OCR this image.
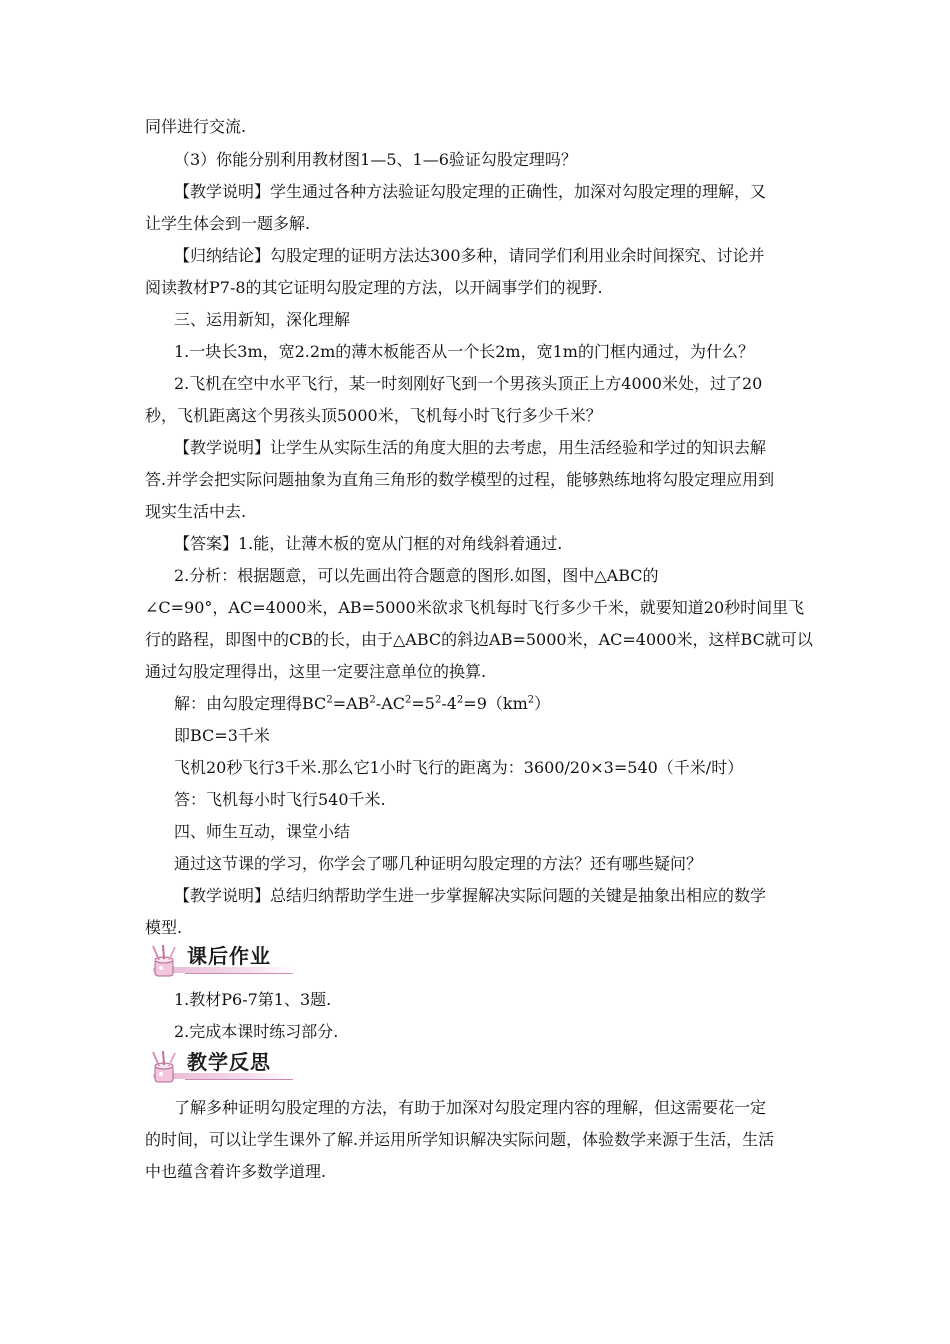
同伴进行交流.
（3）你能分别利用教材图1—5、1—6验证勾股定理吗？
【教学说明】学生通过各种方法验证勾股定理的正确性，加深对勾股定理的理解，又
让学生体会到一题多解.
【归纳结论】勾股定理的证明方法达300多种，请同学们利用业余时间探究、讨论并
阅读教材P7-8的其它证明勾股定理的方法，以开阔事学们的视野.
三、运用新知，深化理解
1.一块长3m，宽2.2m的薄木板能否从一个长2m，宽1m的门框内通过，为什么？
2.飞机在空中水平飞行，某一时刻刚好飞到一个男孩头顶正上方4000米处，过了20
秒，飞机距离这个男孩头顶5000米，飞机每小时飞行多少千米？
【教学说明】让学生从实际生活的角度大胆的去考虑，用生活经验和学过的知识去解
答.并学会把实际问题抽象为直角三角形的数学模型的过程，能够熟练地将勾股定理应用到
现实生活中去.
【答案】1.能，让薄木板的宽从门框的对角线斜着通过.
2.分析：根据题意，可以先画出符合题意的图形.如图，图中△ABC的
∠C=90°，AC=4000米，AB=5000米欲求飞机每时飞行多少千米，就要知道20秒时间里飞
行的路程，即图中的CB的长，由于△ABC的斜边AB=5000米，AC=4000米，这样BC就可以
通过勾股定理得出，这里一定要注意单位的换算.
解：由勾股定理得$BC^2=AB^2-AC^2=5^2-4^2=9(km^2)$
即BC=3千米
飞机20秒飞行3千米.那么它1小时飞行的距离为：3600/20×3=540（千米/时）
答：飞机每小时飞行540千米.
四、师生互动，课堂小结
通过这节课的学习，你学会了哪几种证明勾股定理的方法？还有哪些疑问？
【教学说明】总结归纳帮助学生进一步掌握解决实际问题的关键是抽象出相应的数学
模型.
课后作业
1.教材P6-7第1、3题.
2.完成本课时练习部分.
教学反思
了解多种证明勾股定理的方法，有助于加深对勾股定理内容的理解，但这需要花一定
的时间，可以让学生课外了解.并运用所学知识解决实际问题，体验数学来源于生活，生活
中也蕴含着许多数学道理.
